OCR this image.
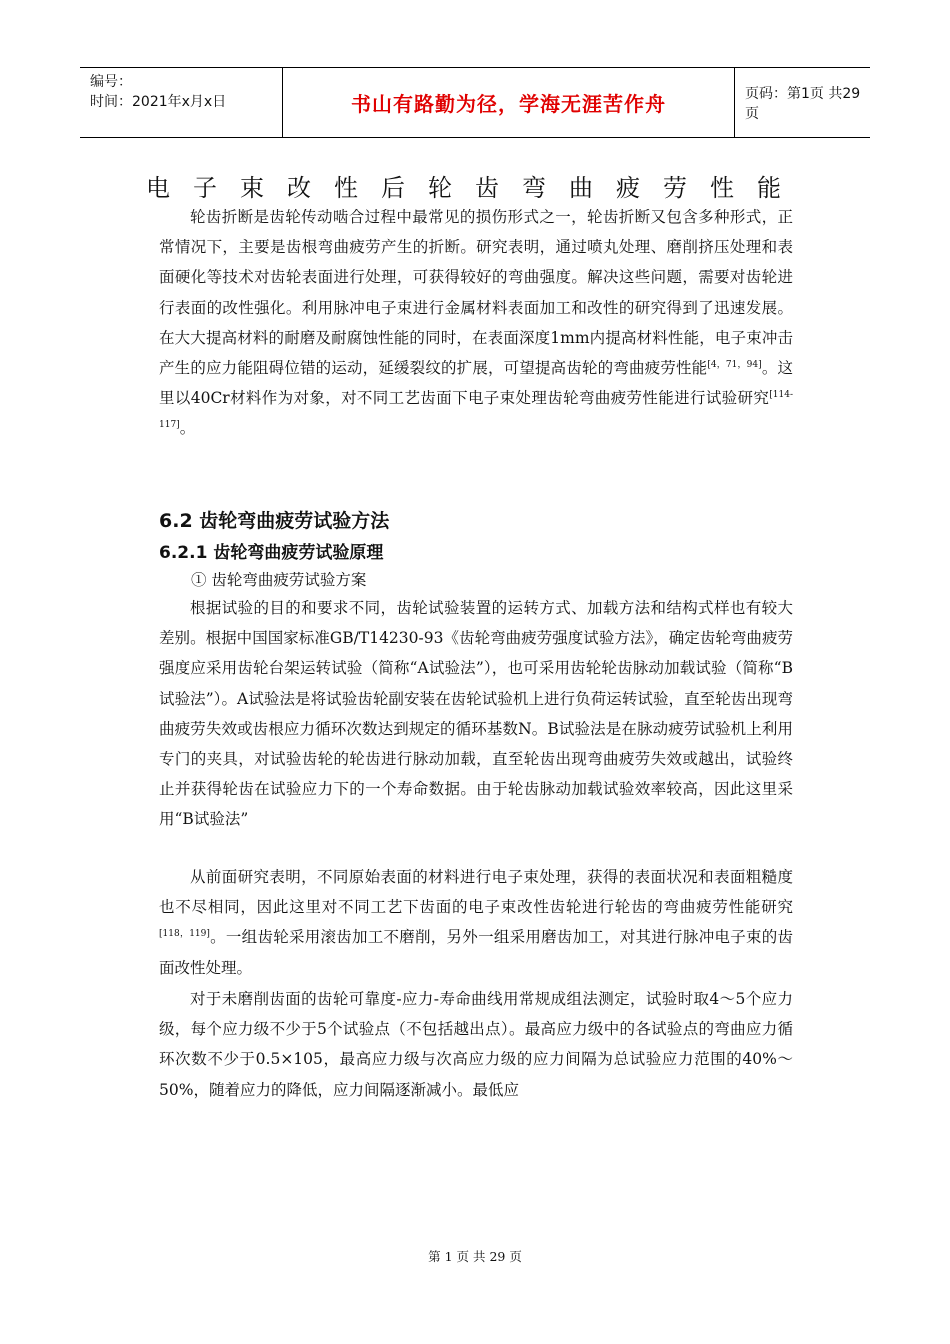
编号：
时间：2021年x月x日	书山有路勤为径，学海无涯苦作舟	页码：第1页 共29页
电子束改性后轮齿弯曲疲劳性能

轮齿折断是齿轮传动啮合过程中最常见的损伤形式之一，轮齿折断又包含多种形式，正常情况下，主要是齿根弯曲疲劳产生的折断。研究表明，通过喷丸处理、磨削挤压处理和表面硬化等技术对齿轮表面进行处理，可获得较好的弯曲强度。解决这些问题，需要对齿轮进行表面的改性强化。利用脉冲电子束进行金属材料表面加工和改性的研究得到了迅速发展。在大大提高材料的耐磨及耐腐蚀性能的同时，在表面深度1mm内提高材料性能，电子束冲击产生的应力能阻碍位错的运动，延缓裂纹的扩展，可望提高齿轮的弯曲疲劳性能[4，71，94]。这里以40Cr材料作为对象，对不同工艺齿面下电子束处理齿轮弯曲疲劳性能进行试验研究[114-117]。

6.2 齿轮弯曲疲劳试验方法
6.2.1 齿轮弯曲疲劳试验原理
① 齿轮弯曲疲劳试验方案

根据试验的目的和要求不同，齿轮试验装置的运转方式、加载方法和结构式样也有较大差别。根据中国国家标准GB/T14230-93《齿轮弯曲疲劳强度试验方法》，确定齿轮弯曲疲劳强度应采用齿轮台架运转试验（简称“A试验法”），也可采用齿轮轮齿脉动加载试验（简称“B试验法”）。A试验法是将试验齿轮副安装在齿轮试验机上进行负荷运转试验，直至轮齿出现弯曲疲劳失效或齿根应力循环次数达到规定的循环基数N。B试验法是在脉动疲劳试验机上利用专门的夹具，对试验齿轮的轮齿进行脉动加载，直至轮齿出现弯曲疲劳失效或越出，试验终止并获得轮齿在试验应力下的一个寿命数据。由于轮齿脉动加载试验效率较高，因此这里采用“B试验法”

从前面研究表明，不同原始表面的材料进行电子束处理，获得的表面状况和表面粗糙度也不尽相同，因此这里对不同工艺下齿面的电子束改性齿轮进行轮齿的弯曲疲劳性能研究[118，119]。一组齿轮采用滚齿加工不磨削，另外一组采用磨齿加工，对其进行脉冲电子束的齿面改性处理。

对于未磨削齿面的齿轮可靠度-应力-寿命曲线用常规成组法测定，试验时取4～5个应力级，每个应力级不少于5个试验点（不包括越出点）。最高应力级中的各试验点的弯曲应力循环次数不少于0.5×105，最高应力级与次高应力级的应力间隔为总试验应力范围的40%～50%，随着应力的降低，应力间隔逐渐减小。最低应

第 1 页 共 29 页
